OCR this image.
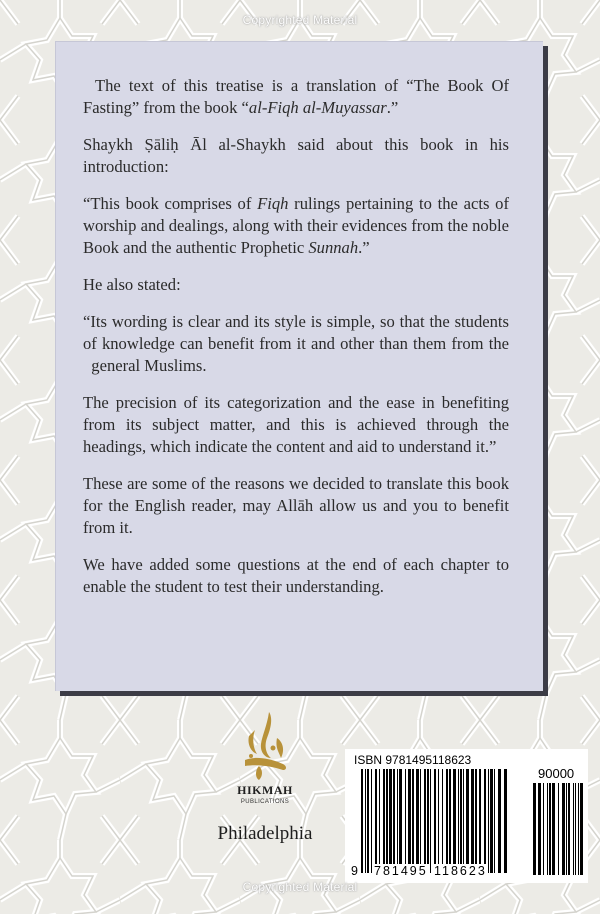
Copyrighted Material

The text of this treatise is a translation of “The Book Of Fasting” from the book “al-Fiqh al-Muyassar.”

Shaykh Ṣāliḥ Āl al-Shaykh said about this book in his introduction:

“This book comprises of Fiqh rulings pertaining to the acts of worship and dealings, along with their evidences from the noble Book and the authentic Prophetic Sunnah.”

He also stated:

“Its wording is clear and its style is simple, so that the students of knowledge can benefit from it and other than them from the   general Muslims.

The precision of its categorization and the ease in benefiting from its subject matter, and this is achieved through the headings, which indicate the content and aid to understand it.”

These are some of the reasons we decided to translate this book for the English reader, may Allāh allow us and you to benefit from it.

We have added some questions at the end of each chapter to enable the student to test their understanding.

HIKMAH
PUBLICATIONS
Philadelphia
ISBN 9781495118623
90000
9 781495 118623
Copyrighted Material
